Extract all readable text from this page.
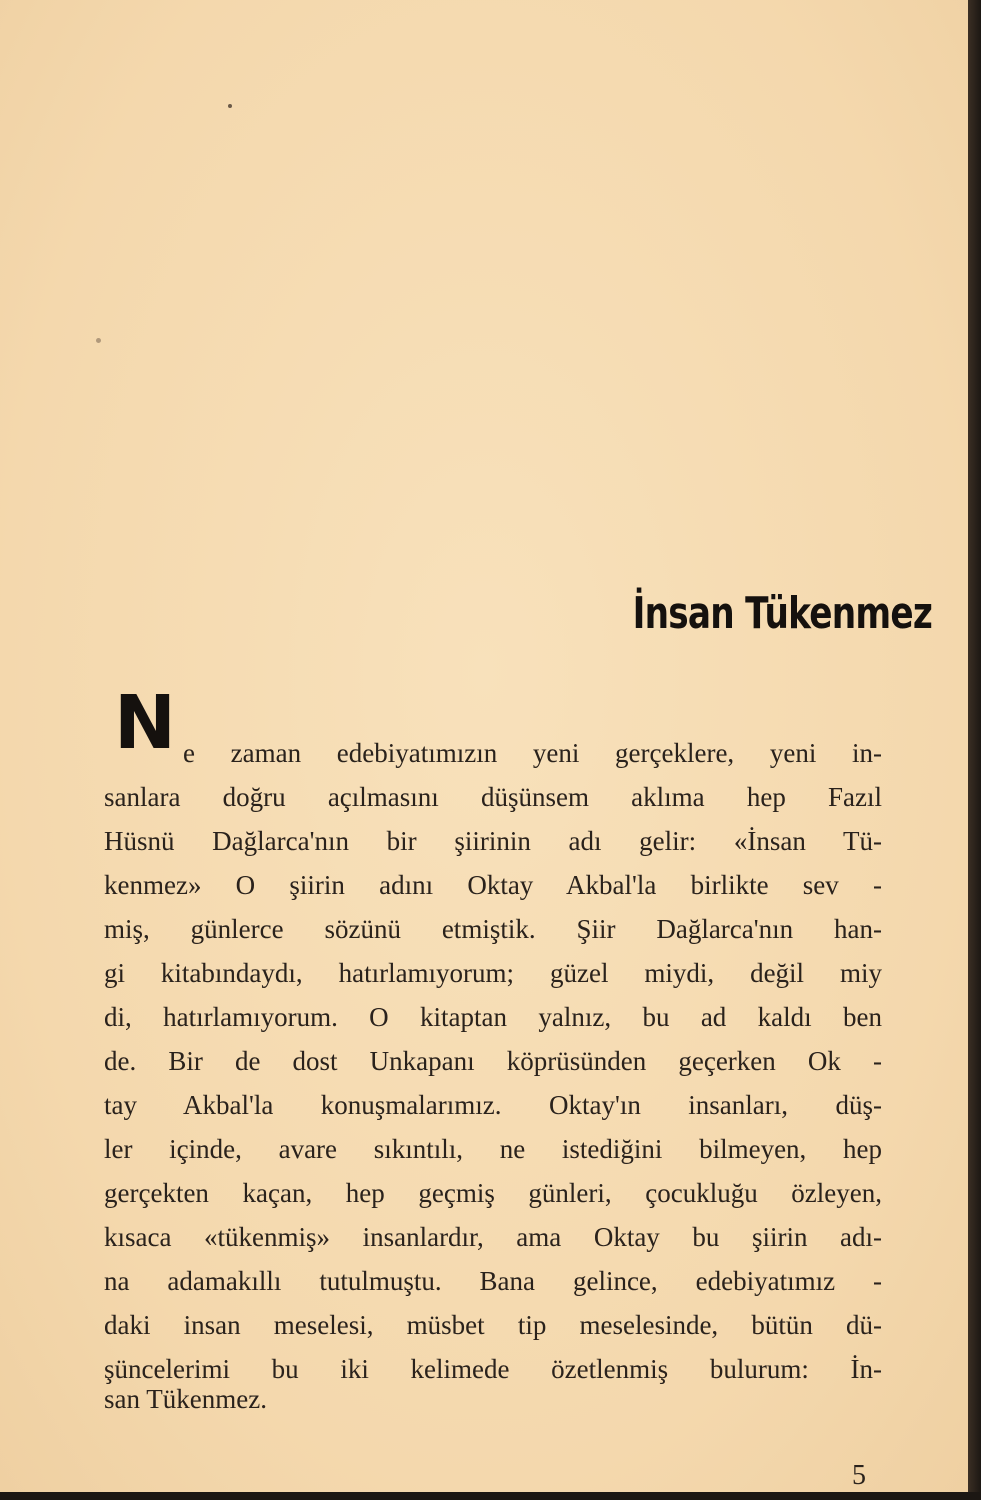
İnsan Tükenmez
N e zaman edebiyatımızın yeni gerçeklere, yeni in-
sanlara doğru açılmasını düşünsem aklıma hep Fazıl
Hüsnü Dağlarca'nın bir şiirinin adı gelir: «İnsan Tü-
kenmez» O şiirin adını Oktay Akbal'la birlikte sev -
miş, günlerce sözünü etmiştik. Şiir Dağlarca'nın han-
gi kitabındaydı, hatırlamıyorum; güzel miydi, değil miy
di, hatırlamıyorum. O kitaptan yalnız, bu ad kaldı ben
de. Bir de dost Unkapanı köprüsünden geçerken Ok -
tay Akbal'la konuşmalarımız. Oktay'ın insanları, düş-
ler içinde, avare sıkıntılı, ne istediğini bilmeyen, hep
gerçekten kaçan, hep geçmiş günleri, çocukluğu özleyen,
kısaca «tükenmiş» insanlardır, ama Oktay bu şiirin adı-
na adamakıllı tutulmuştu. Bana gelince, edebiyatımız -
daki insan meselesi, müsbet tip meselesinde, bütün dü-
şüncelerimi bu iki kelimede özetlenmiş bulurum: İn-
san Tükenmez.
5
